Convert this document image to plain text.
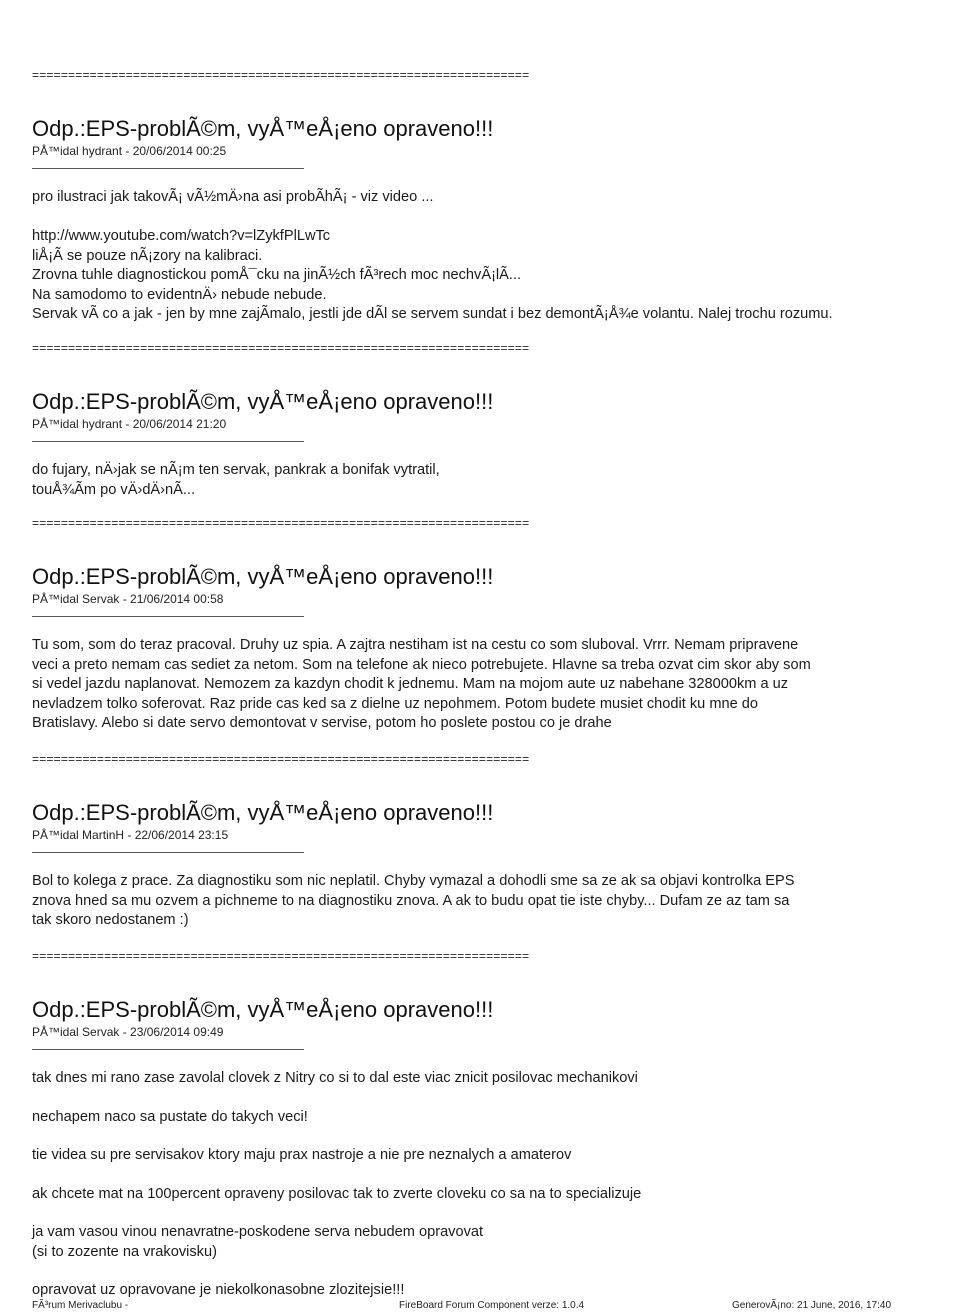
=====================================================================
Odp.:EPS-problÃ©m, vyÅ™eÅ¡eno opraveno!!!
PÅ™idal hydrant - 20/06/2014 00:25

pro ilustraci jak takovÃ¡ vÃ½mÄ›na asi probÃhÃ¡ - viz video ...

http://www.youtube.com/watch?v=lZykfPlLwTc

liÅ¡Ã se pouze nÃ¡zory na kalibraci.

Zrovna tuhle diagnostickou pomÅ¯cku na jinÃ½ch fÃ³rech moc nechvÃ¡lÃ...

Na samodomo to evidentnÄ› nebude nebude.

Servak vÃ co a jak - jen by mne zajÃmalo, jestli jde dÃl se servem sundat i bez demontÃ¡Å¾e volantu. Nalej trochu rozumu.

=====================================================================
Odp.:EPS-problÃ©m, vyÅ™eÅ¡eno opraveno!!!
PÅ™idal hydrant - 20/06/2014 21:20

do fujary, nÄ›jak se nÃ¡m ten servak, pankrak a bonifak vytratil,

touÅ¾Ãm po vÄ›dÄ›nÃ...

=====================================================================
Odp.:EPS-problÃ©m, vyÅ™eÅ¡eno opraveno!!!
PÅ™idal Servak - 21/06/2014 00:58

Tu som, som do teraz pracoval. Druhy uz spia. A zajtra nestiham ist na cestu co som sluboval. Vrrr. Nemam pripravene

veci a preto nemam cas sediet za netom. Som na telefone ak nieco potrebujete. Hlavne sa treba ozvat cim skor aby som

si vedel jazdu naplanovat. Nemozem za kazdyn chodit k jednemu. Mam na mojom aute uz nabehane 328000km a uz

nevladzem tolko soferovat. Raz pride cas ked sa z dielne uz nepohmem. Potom budete musiet chodit ku mne do

Bratislavy. Alebo si date servo demontovat v servise, potom ho poslete postou co je drahe

=====================================================================
Odp.:EPS-problÃ©m, vyÅ™eÅ¡eno opraveno!!!
PÅ™idal MartinH - 22/06/2014 23:15

Bol to kolega z prace. Za diagnostiku som nic neplatil. Chyby vymazal a dohodli sme sa ze ak sa objavi kontrolka EPS

znova hned sa mu ozvem a pichneme to na diagnostiku znova. A ak to budu opat tie iste chyby... Dufam ze az tam sa

tak skoro nedostanem :)

=====================================================================
Odp.:EPS-problÃ©m, vyÅ™eÅ¡eno opraveno!!!
PÅ™idal Servak - 23/06/2014 09:49

tak dnes mi rano zase zavolal clovek z Nitry co si to dal este viac znicit posilovac mechanikovi

nechapem naco sa pustate do takych veci!

tie videa su pre servisakov ktory maju prax nastroje a nie pre neznalych a amaterov

ak chcete mat na 100percent opraveny posilovac tak to zverte cloveku co sa na to specializuje

ja vam vasou vinou nenavratne-poskodene serva nebudem opravovat
(si to zozente na vrakovisku)

opravovat uz opravovane je niekolkonasobne zlozitejsie!!!

FÃ³rum Merivaclubu -	FireBoard Forum Component verze: 1.0.4	GenerovÃ¡no: 21 June, 2016, 17:40
